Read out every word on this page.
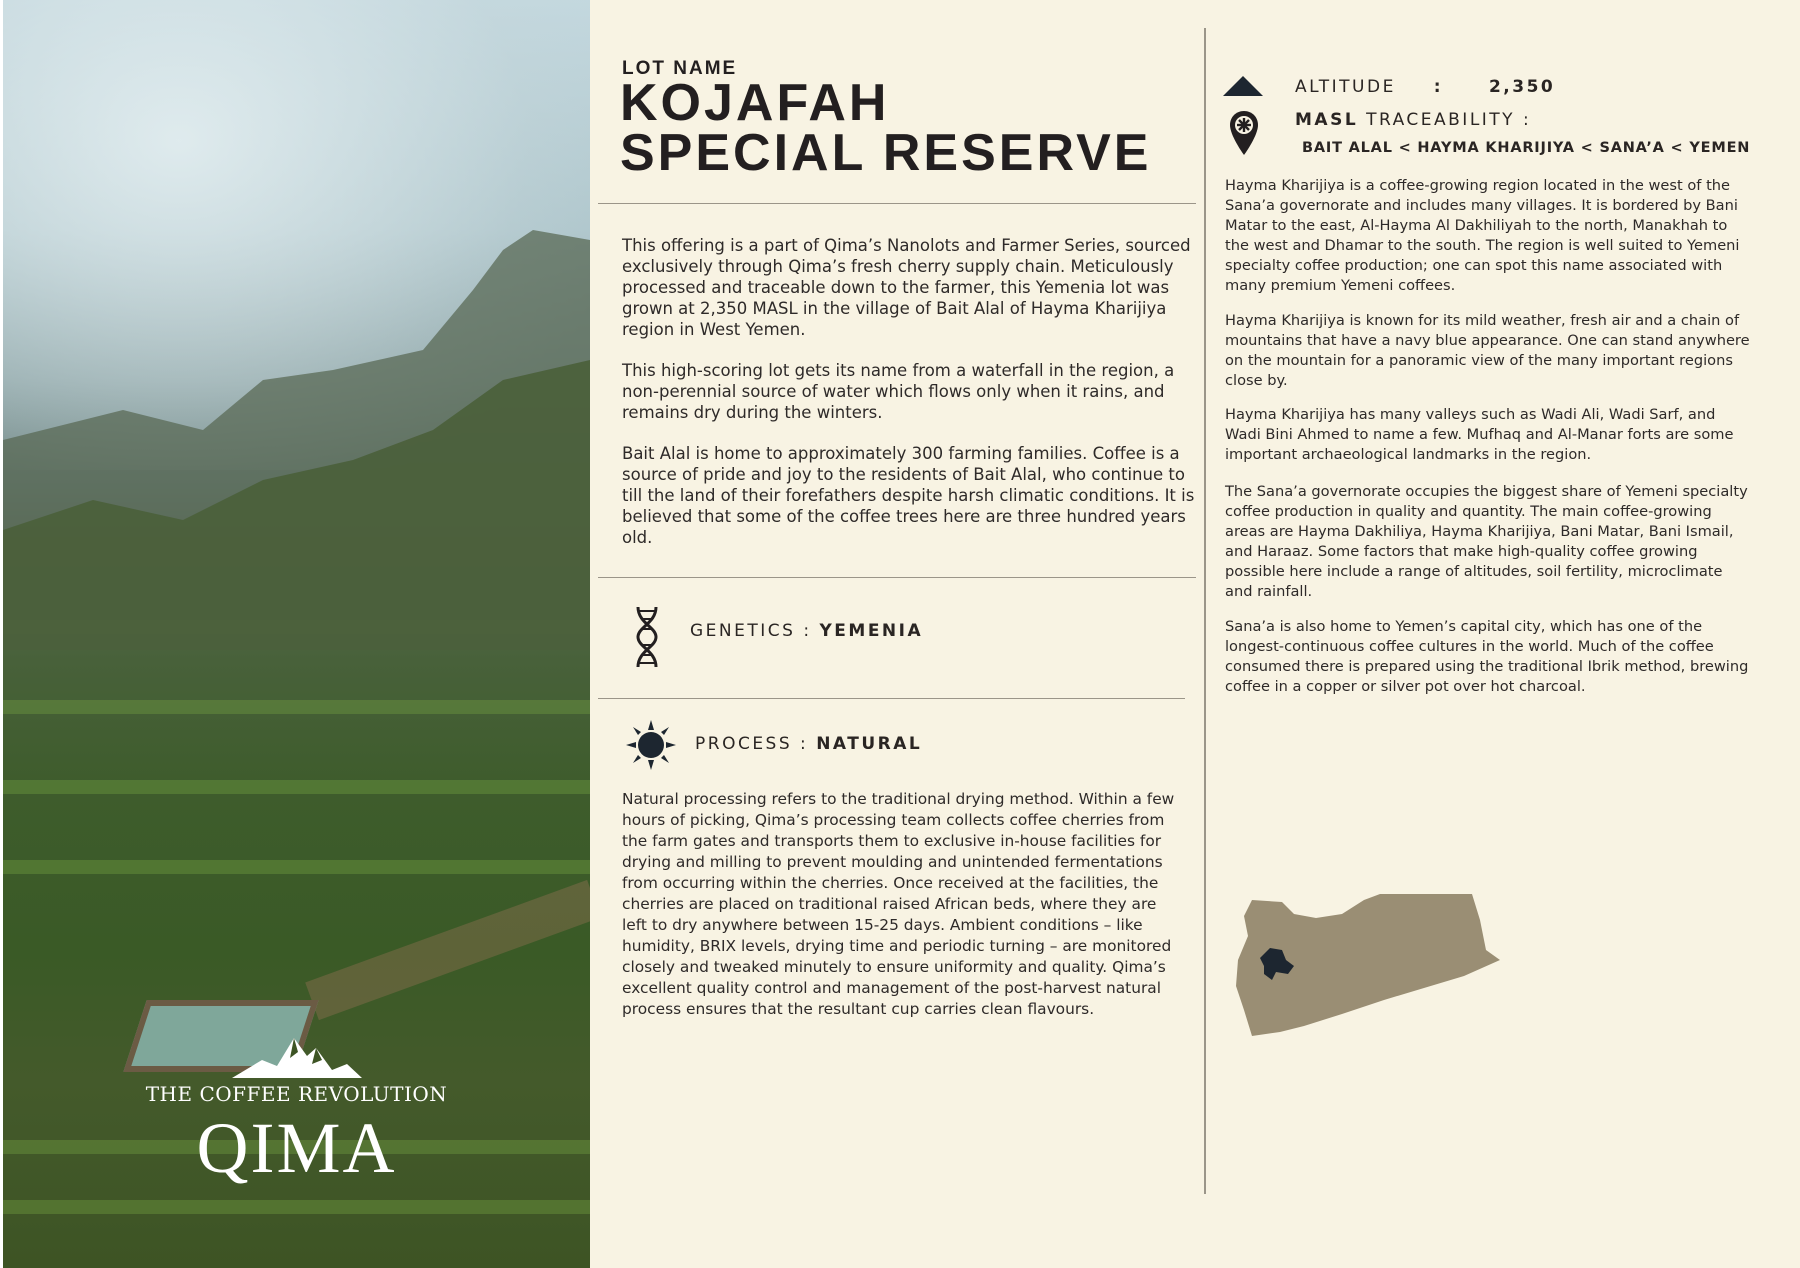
THE COFFEE REVOLUTION
QIMA
LOT NAME
KOJAFAH
SPECIAL RESERVE
This offering is a part of Qima’s Nanolots and Farmer Series, sourced exclusively through Qima’s fresh cherry supply chain. Meticulously processed and traceable down to the farmer, this Yemenia lot was grown at 2,350 MASL in the village of Bait Alal of Hayma Kharijiya region in West Yemen.
This high-scoring lot gets its name from a waterfall in the region, a non-perennial source of water which flows only when it rains, and remains dry during the winters.
Bait Alal is home to approximately 300 farming families. Coffee is a source of pride and joy to the residents of Bait Alal, who continue to till the land of their forefathers despite harsh climatic conditions. It is believed that some of the coffee trees here are three hundred years old.
GENETICS : YEMENIA
PROCESS : NATURAL
Natural processing refers to the traditional drying method. Within a few hours of picking, Qima’s processing team collects coffee cherries from the farm gates and transports them to exclusive in-house facilities for drying and milling to prevent moulding and unintended fermentations from occurring within the cherries. Once received at the facilities, the cherries are placed on traditional raised African beds, where they are left to dry anywhere between 15-25 days. Ambient conditions – like humidity, BRIX levels, drying time and periodic turning – are monitored closely and tweaked minutely to ensure uniformity and quality. Qima’s excellent quality control and management of the post-harvest natural process ensures that the resultant cup carries clean flavours.
ALTITUDE :	2,350
MASL TRACEABILITY :
BAIT ALAL < HAYMA KHARIJIYA < SANA’A < YEMEN
Hayma Kharijiya is a coffee-growing region located in the west of the Sana’a governorate and includes many villages. It is bordered by Bani Matar to the east, Al-Hayma Al Dakhiliyah to the north, Manakhah to the west and Dhamar to the south. The region is well suited to Yemeni specialty coffee production; one can spot this name associated with many premium Yemeni coffees.
Hayma Kharijiya is known for its mild weather, fresh air and a chain of mountains that have a navy blue appearance. One can stand anywhere on the mountain for a panoramic view of the many important regions close by.
Hayma Kharijiya has many valleys such as Wadi Ali, Wadi Sarf, and Wadi Bini Ahmed to name a few. Mufhaq and Al-Manar forts are some important archaeological landmarks in the region.
The Sana’a governorate occupies the biggest share of Yemeni specialty coffee production in quality and quantity. The main coffee-growing areas are Hayma Dakhiliya, Hayma Kharijiya, Bani Matar, Bani Ismail, and Haraaz. Some factors that make high-quality coffee growing possible here include a range of altitudes, soil fertility, microclimate and rainfall.
Sana’a is also home to Yemen’s capital city, which has one of the longest-continuous coffee cultures in the world. Much of the coffee consumed there is prepared using the traditional Ibrik method, brewing coffee in a copper or silver pot over hot charcoal.
